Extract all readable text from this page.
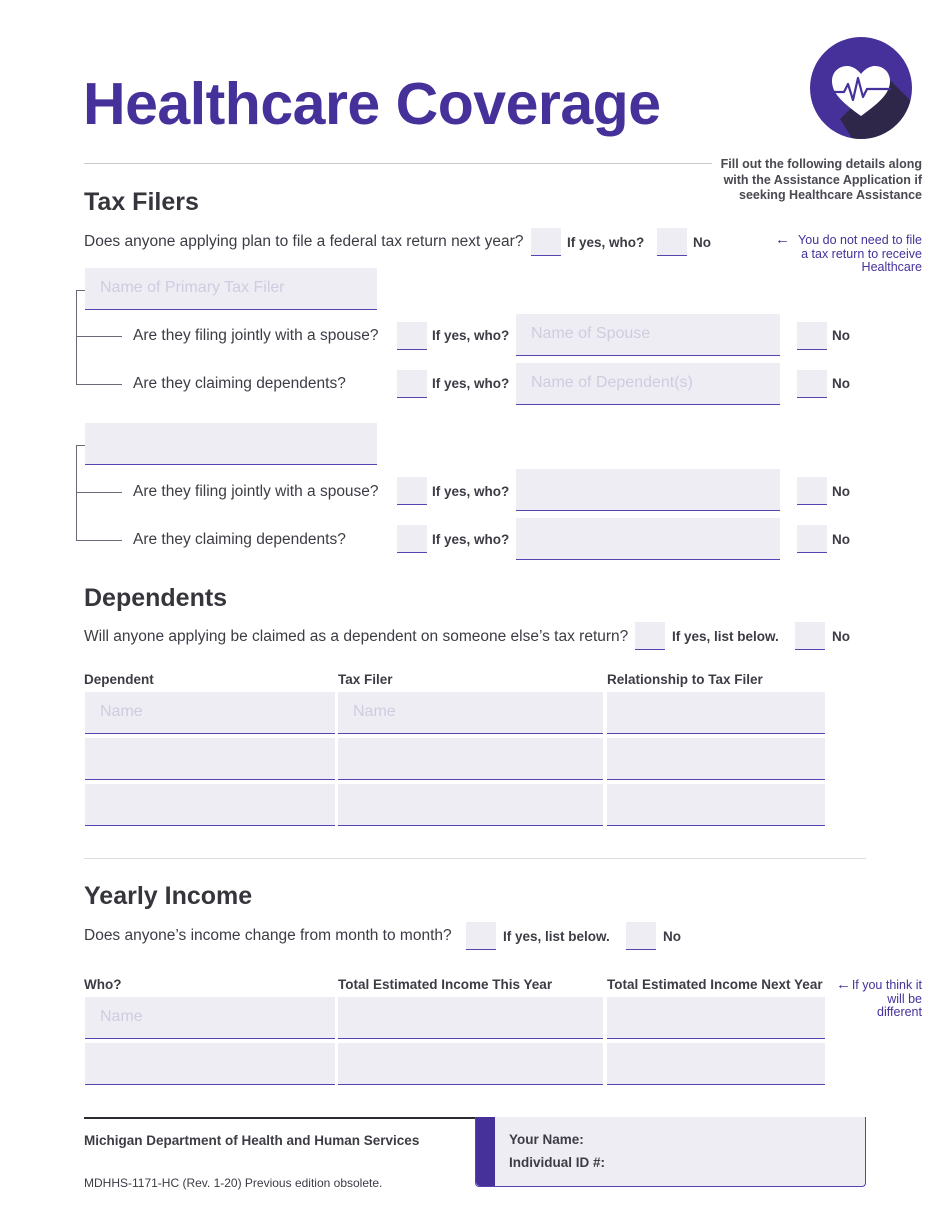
Healthcare Coverage
Fill out the following details along with the Assistance Application if seeking Healthcare Assistance
Tax Filers
Does anyone applying plan to file a federal tax return next year?	If yes, who?	No	← You do not need to file a tax return to receive Healthcare
Name of Primary Tax Filer
Are they filing jointly with a spouse?	If yes, who? Name of Spouse	No
Are they claiming dependents?	If yes, who? Name of Dependent(s)	No
Are they filing jointly with a spouse?	If yes, who?	No
Are they claiming dependents?	If yes, who?	No
Dependents
Will anyone applying be claimed as a dependent on someone else’s tax return?	If yes, list below.	No
Dependent	Tax Filer	Relationship to Tax Filer
Name	Name
Yearly Income
Does anyone’s income change from month to month?	If yes, list below.	No
Who?	Total Estimated Income This Year	Total Estimated Income Next Year ← If you think it will be different
Name
Michigan Department of Health and Human Services
MDHHS-1171-HC (Rev. 1-20) Previous edition obsolete.
Your Name:
Individual ID #:
